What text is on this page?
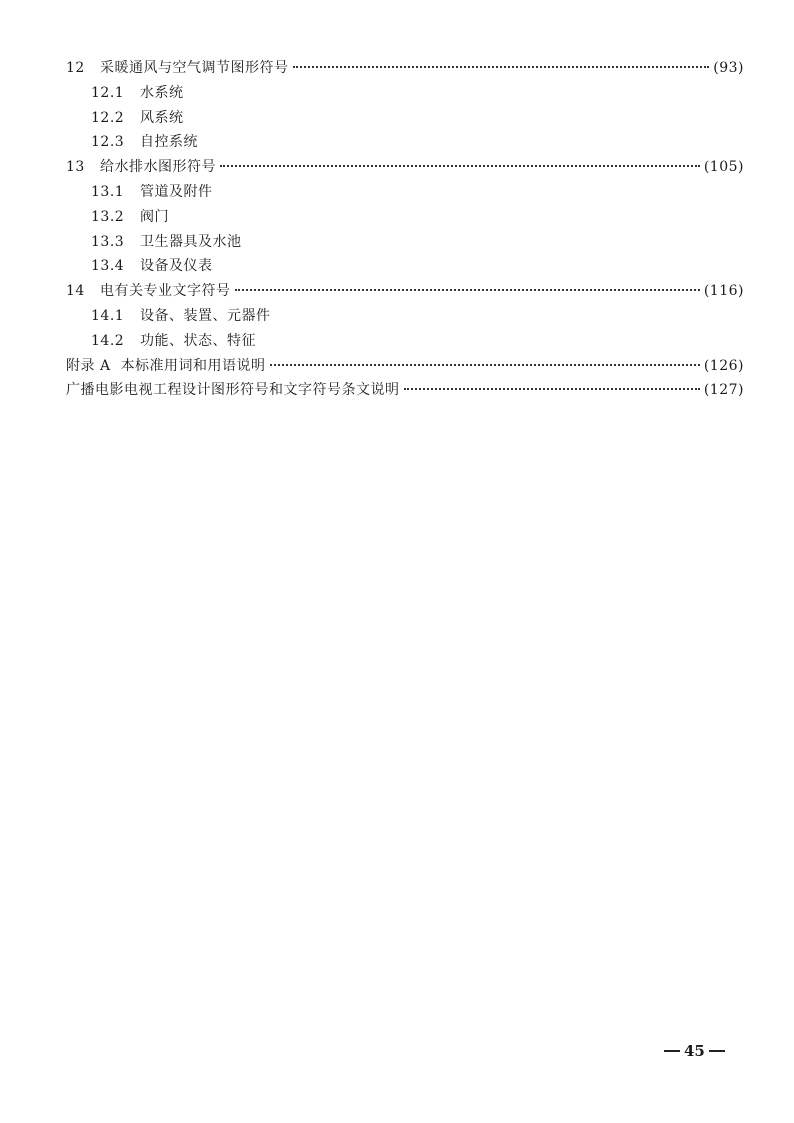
12	采暖通风与空气调节图形符号	(93)
12.1	水系统
12.2	风系统
12.3	自控系统
13	给水排水图形符号	(105)
13.1	管道及附件
13.2	阀门
13.3	卫生器具及水池
13.4	设备及仪表
14	电有关专业文字符号	(116)
14.1	设备、装置、元器件
14.2	功能、状态、特征
附录 A 本标准用词和用语说明	(126)
广播电影电视工程设计图形符号和文字符号条文说明	(127)
45
